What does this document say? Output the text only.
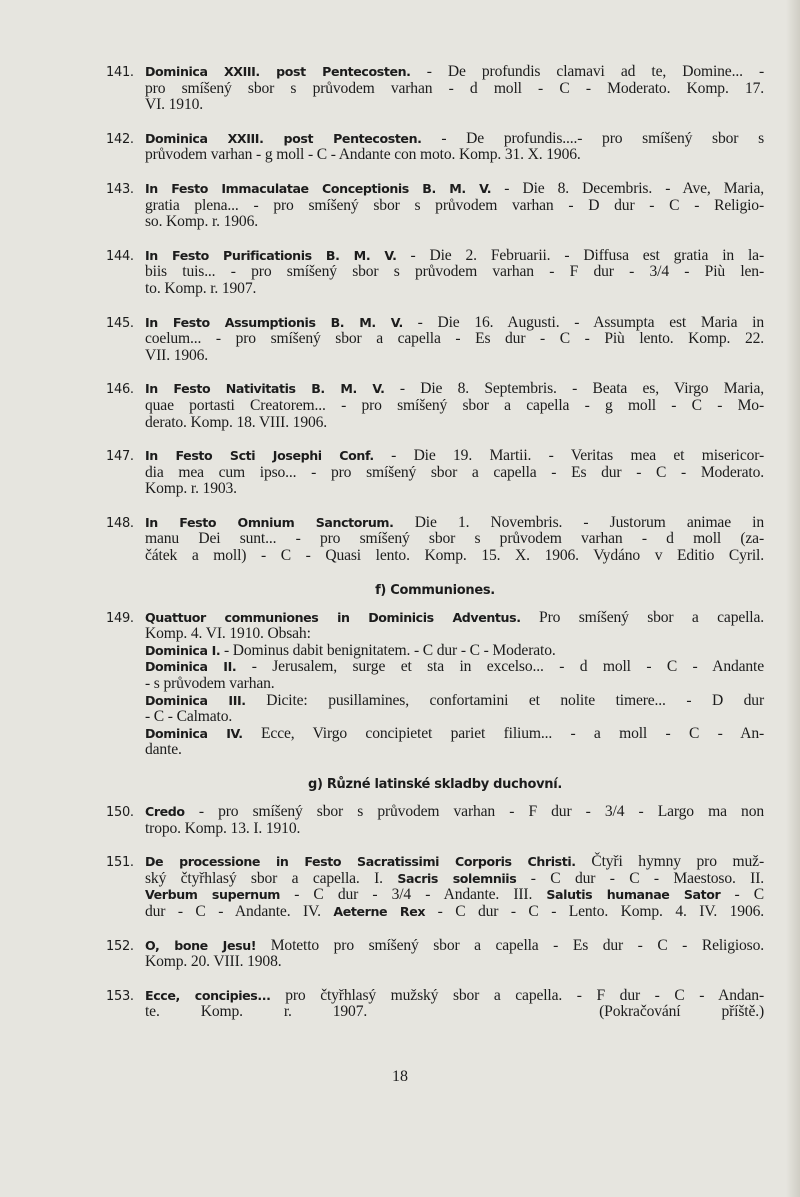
141. Dominica XXIII. post Pentecosten. - De profundis clamavi ad te, Domine... -
pro smíšený sbor s průvodem varhan - d moll - C - Moderato. Komp. 17.
VI. 1910.
142. Dominica XXIII. post Pentecosten. - De profundis....- pro smíšený sbor s
průvodem varhan - g moll - C - Andante con moto. Komp. 31. X. 1906.
143. In Festo Immaculatae Conceptionis B. M. V. - Die 8. Decembris. - Ave, Maria,
gratia plena... - pro smíšený sbor s průvodem varhan - D dur - C - Religio-
so. Komp. r. 1906.
144. In Festo Purificationis B. M. V. - Die 2. Februarii. - Diffusa est gratia in la-
biis tuis... - pro smíšený sbor s průvodem varhan - F dur - 3/4 - Più len-
to. Komp. r. 1907.
145. In Festo Assumptionis B. M. V. - Die 16. Augusti. - Assumpta est Maria in
coelum... - pro smíšený sbor a capella - Es dur - C - Più lento. Komp. 22.
VII. 1906.
146. In Festo Nativitatis B. M. V. - Die 8. Septembris. - Beata es, Virgo Maria,
quae portasti Creatorem... - pro smíšený sbor a capella - g moll - C - Mo-
derato. Komp. 18. VIII. 1906.
147. In Festo Scti Josephi Conf. - Die 19. Martii. - Veritas mea et misericor-
dia mea cum ipso... - pro smíšený sbor a capella - Es dur - C - Moderato.
Komp. r. 1903.
148. In Festo Omnium Sanctorum. Die 1. Novembris. - Justorum animae in
manu Dei sunt... - pro smíšený sbor s průvodem varhan - d moll (za-
čátek a moll) - C - Quasi lento. Komp. 15. X. 1906. Vydáno v Editio Cyril.
f) Communiones.
149. Quattuor communiones in Dominicis Adventus. Pro smíšený sbor a capella.
Komp. 4. VI. 1910. Obsah:
Dominica I. - Dominus dabit benignitatem. - C dur - C - Moderato.
Dominica II. - Jerusalem, surge et sta in excelso... - d moll - C - Andante
- s průvodem varhan.
Dominica III. Dicite: pusillamines, confortamini et nolite timere... - D dur
- C - Calmato.
Dominica IV. Ecce, Virgo concipietet pariet filium... - a moll - C - An-
dante.
g) Různé latinské skladby duchovní.
150. Credo - pro smíšený sbor s průvodem varhan - F dur - 3/4 - Largo ma non
tropo. Komp. 13. I. 1910.
151. De processione in Festo Sacratissimi Corporis Christi. Čtyři hymny pro muž-
ský čtyřhlasý sbor a capella. I. Sacris solemniis - C dur - C - Maestoso. II.
Verbum supernum - C dur - 3/4 - Andante. III. Salutis humanae Sator - C
dur - C - Andante. IV. Aeterne Rex - C dur - C - Lento. Komp. 4. IV. 1906.
152. O, bone Jesu! Motetto pro smíšený sbor a capella - Es dur - C - Religioso.
Komp. 20. VIII. 1908.
153. Ecce, concipies... pro čtyřhlasý mužský sbor a capella. - F dur - C - Andan-
te. Komp. r. 1907.	(Pokračování příště.)
18
